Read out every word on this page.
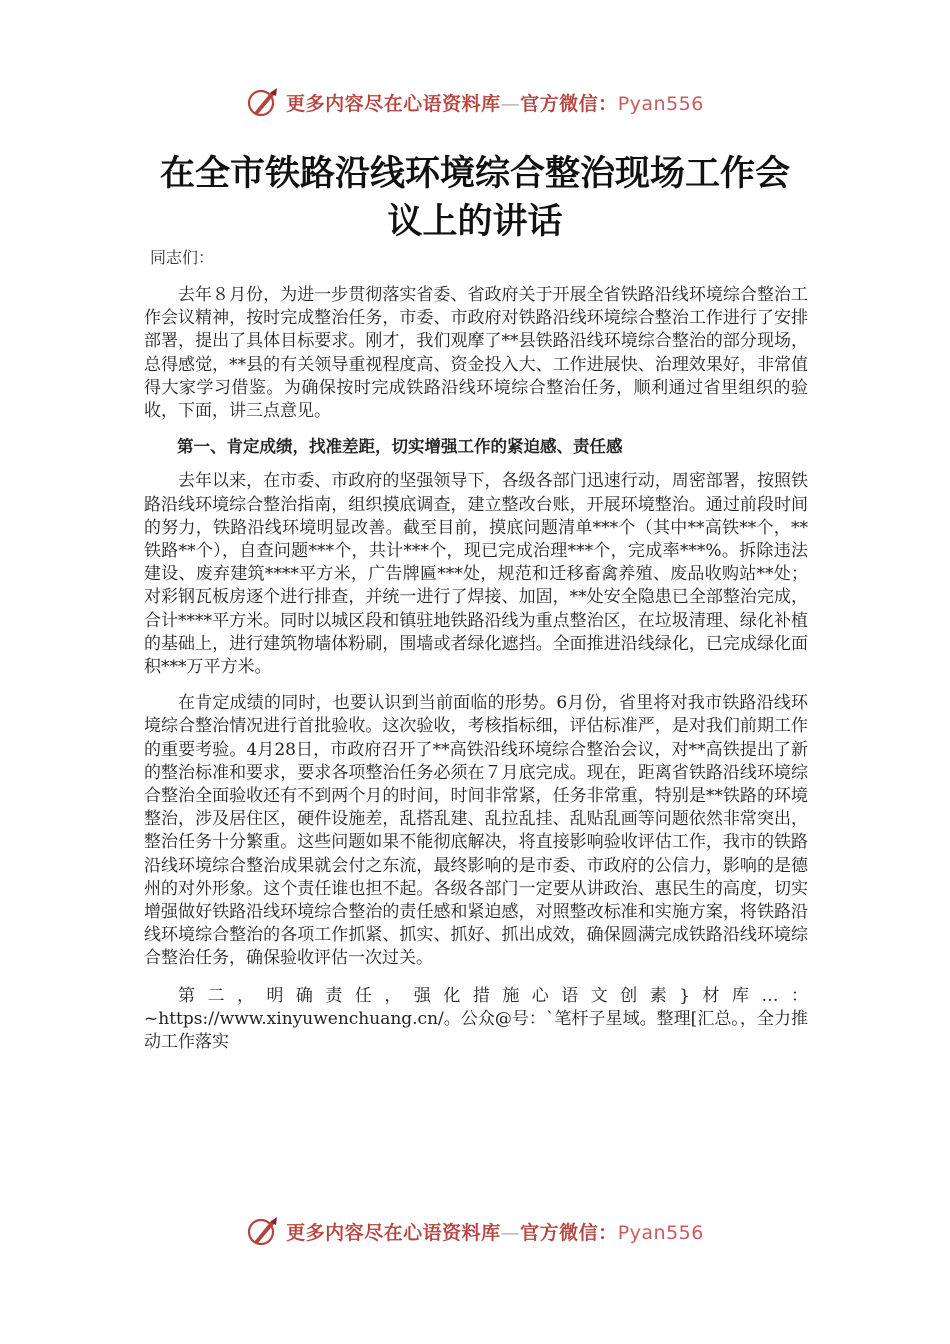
更多内容尽在心语资料库—官方微信：Pyan556
在全市铁路沿线环境综合整治现场工作会
议上的讲话
同志们：

去年８月份，为进一步贯彻落实省委、省政府关于开展全省铁路沿线环境综合整治工作会议精神，按时完成整治任务，市委、市政府对铁路沿线环境综合整治工作进行了安排部署，提出了具体目标要求。刚才，我们观摩了**县铁路沿线环境综合整治的部分现场，总得感觉，**县的有关领导重视程度高、资金投入大、工作进展快、治理效果好，非常值得大家学习借鉴。为确保按时完成铁路沿线环境综合整治任务，顺利通过省里组织的验收，下面，讲三点意见。

第一、肯定成绩，找准差距，切实增强工作的紧迫感、责任感

去年以来，在市委、市政府的坚强领导下，各级各部门迅速行动，周密部署，按照铁路沿线环境综合整治指南，组织摸底调查，建立整改台账，开展环境整治。通过前段时间的努力，铁路沿线环境明显改善。截至目前，摸底问题清单***个（其中**高铁**个，**铁路**个），自查问题***个，共计***个，现已完成治理***个，完成率***%。拆除违法建设、废弃建筑****平方米，广告牌匾***处，规范和迁移畜禽养殖、废品收购站**处；对彩钢瓦板房逐个进行排查，并统一进行了焊接、加固，**处安全隐患已全部整治完成，合计****平方米。同时以城区段和镇驻地铁路沿线为重点整治区，在垃圾清理、绿化补植的基础上，进行建筑物墙体粉刷，围墙或者绿化遮挡。全面推进沿线绿化，已完成绿化面积***万平方米。

在肯定成绩的同时，也要认识到当前面临的形势。6月份，省里将对我市铁路沿线环境综合整治情况进行首批验收。这次验收，考核指标细，评估标准严，是对我们前期工作的重要考验。4月28日，市政府召开了**高铁沿线环境综合整治会议，对**高铁提出了新的整治标准和要求，要求各项整治任务必须在７月底完成。现在，距离省铁路沿线环境综合整治全面验收还有不到两个月的时间，时间非常紧，任务非常重，特别是**铁路的环境整治，涉及居住区，硬件设施差，乱搭乱建、乱拉乱挂、乱贴乱画等问题依然非常突出，整治任务十分繁重。这些问题如果不能彻底解决，将直接影响验收评估工作，我市的铁路沿线环境综合整治成果就会付之东流，最终影响的是市委、市政府的公信力，影响的是德州的对外形象。这个责任谁也担不起。各级各部门一定要从讲政治、惠民生的高度，切实增强做好铁路沿线环境综合整治的责任感和紧迫感，对照整改标准和实施方案，将铁路沿线环境综合整治的各项工作抓紧、抓实、抓好、抓出成效，确保圆满完成铁路沿线环境综合整治任务，确保验收评估一次过关。

第二，明确责任，强化措施心语文创素}材库…：~https://www.xinyuwenchuang.cn/。公众@号：`笔杆子星域。整理[汇总。，全力推动工作落实

更多内容尽在心语资料库—官方微信：Pyan556
